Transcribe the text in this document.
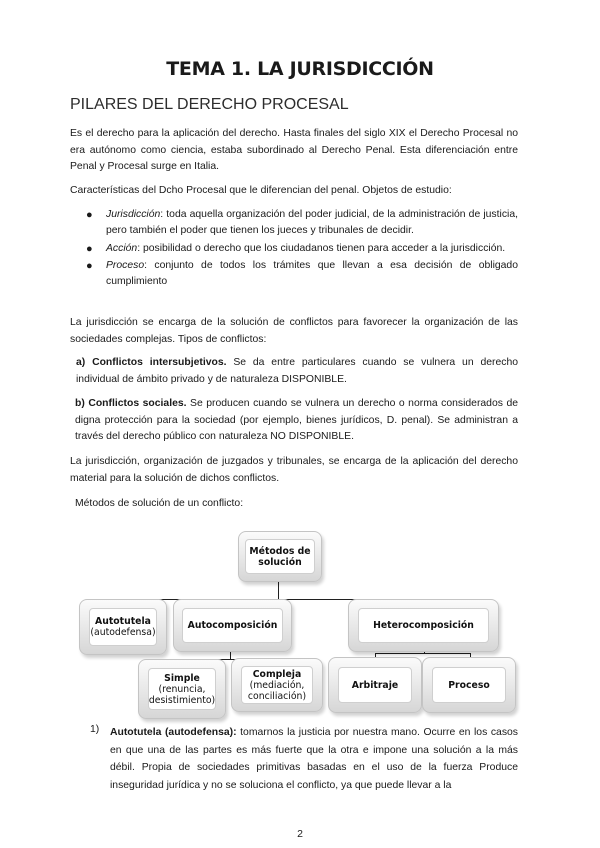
TEMA 1. LA JURISDICCIÓN
PILARES DEL DERECHO PROCESAL
Es el derecho para la aplicación del derecho. Hasta finales del siglo XIX el Derecho Procesal no era autónomo como ciencia, estaba subordinado al Derecho Penal. Esta diferenciación entre Penal y Procesal surge en Italia.
Características del Dcho Procesal que le diferencian del penal. Objetos de estudio:
● Jurisdicción: toda aquella organización del poder judicial, de la administración de justicia, pero también el poder que tienen los jueces y tribunales de decidir.
● Acción: posibilidad o derecho que los ciudadanos tienen para acceder a la jurisdicción.
● Proceso: conjunto de todos los trámites que llevan a esa decisión de obligado cumplimiento
La jurisdicción se encarga de la solución de conflictos para favorecer la organización de las sociedades complejas. Tipos de conflictos:
a) Conflictos intersubjetivos. Se da entre particulares cuando se vulnera un derecho individual de ámbito privado y de naturaleza DISPONIBLE.
b) Conflictos sociales. Se producen cuando se vulnera un derecho o norma considerados de digna protección para la sociedad (por ejemplo, bienes jurídicos, D. penal). Se administran a través del derecho público con naturaleza NO DISPONIBLE.
La jurisdicción, organización de juzgados y tribunales, se encarga de la aplicación del derecho material para la solución de dichos conflictos.
Métodos de solución de un conflicto:
Métodos de solución
Autotutela
(autodefensa)
Autocomposición	Heterocomposición
Simple
(renuncia, desistimiento)
Compleja
(mediación, conciliación)
Arbitraje	Proceso
1) Autotutela (autodefensa): tomarnos la justicia por nuestra mano. Ocurre en los casos en que una de las partes es más fuerte que la otra e impone una solución a la más débil. Propia de sociedades primitivas basadas en el uso de la fuerza Produce inseguridad jurídica y no se soluciona el conflicto, ya que puede llevar a la
2
